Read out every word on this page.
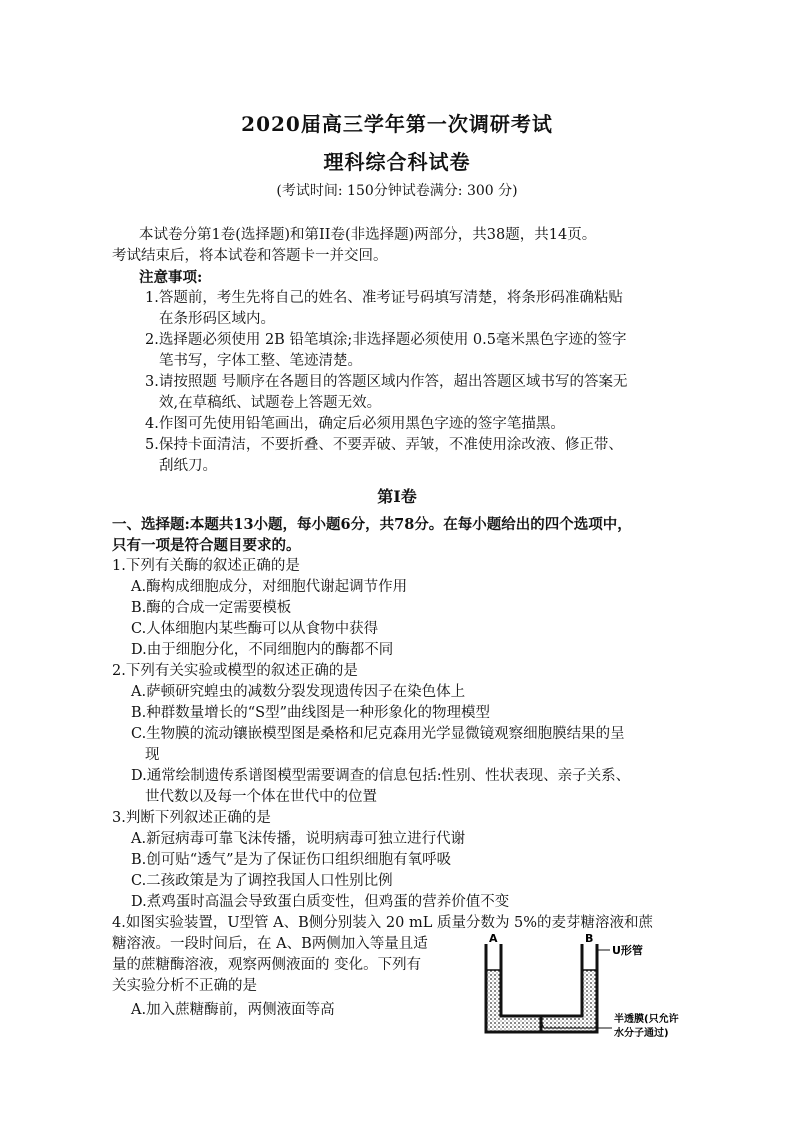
2020届高三学年第一次调研考试
理科综合科试卷
(考试时间: 150分钟试卷满分: 300 分)
本试卷分第1卷(选择题)和第II卷(非选择题)两部分，共38题，共14页。
考试结束后，将本试卷和答题卡一并交回。
注意事项:
1.答题前，考生先将自己的姓名、准考证号码填写清楚，将条形码准确粘贴
在条形码区域内。
2.选择题必须使用 2B 铅笔填涂;非选择题必须使用 0.5毫米黑色字迹的签字
笔书写，字体工整、笔迹清楚。
3.请按照题 号顺序在各题目的答题区域内作答，超出答题区域书写的答案无
效,在草稿纸、试题卷上答题无效。
4.作图可先使用铅笔画出，确定后必须用黑色字迹的签字笔描黑。
5.保持卡面清洁，不要折叠、不要弄破、弄皱，不准使用涂改液、修正带、
刮纸刀。
第I卷
一、选择题:本题共13小题，每小题6分，共78分。在每小题给出的四个选项中，
只有一项是符合题目要求的。
1.下列有关酶的叙述正确的是
A.酶构成细胞成分，对细胞代谢起调节作用
B.酶的合成一定需要模板
C.人体细胞内某些酶可以从食物中获得
D.由于细胞分化，不同细胞内的酶都不同
2.下列有关实验或模型的叙述正确的是
A.萨顿研究蝗虫的减数分裂发现遗传因子在染色体上
B.种群数量增长的“S型”曲线图是一种形象化的物理模型
C.生物膜的流动镶嵌模型图是桑格和尼克森用光学显微镜观察细胞膜结果的呈
现
D.通常绘制遗传系谱图模型需要调查的信息包括:性别、性状表现、亲子关系、
世代数以及每一个体在世代中的位置
3.判断下列叙述正确的是
A.新冠病毒可靠飞沫传播，说明病毒可独立进行代谢
B.创可贴“透气”是为了保证伤口组织细胞有氧呼吸
C.二孩政策是为了调控我国人口性别比例
D.煮鸡蛋时高温会导致蛋白质变性，但鸡蛋的营养价值不变
4.如图实验装置，U型管 A、B侧分别装入 20 mL 质量分数为 5%的麦芽糖溶液和蔗
糖溶液。一段时间后，在 A、B两侧加入等量且适
量的蔗糖酶溶液，观察两侧液面的 变化。下列有
关实验分析不正确的是
A.加入蔗糖酶前，两侧液面等高
A	B
U形管
半透膜(只允许
水分子通过)
